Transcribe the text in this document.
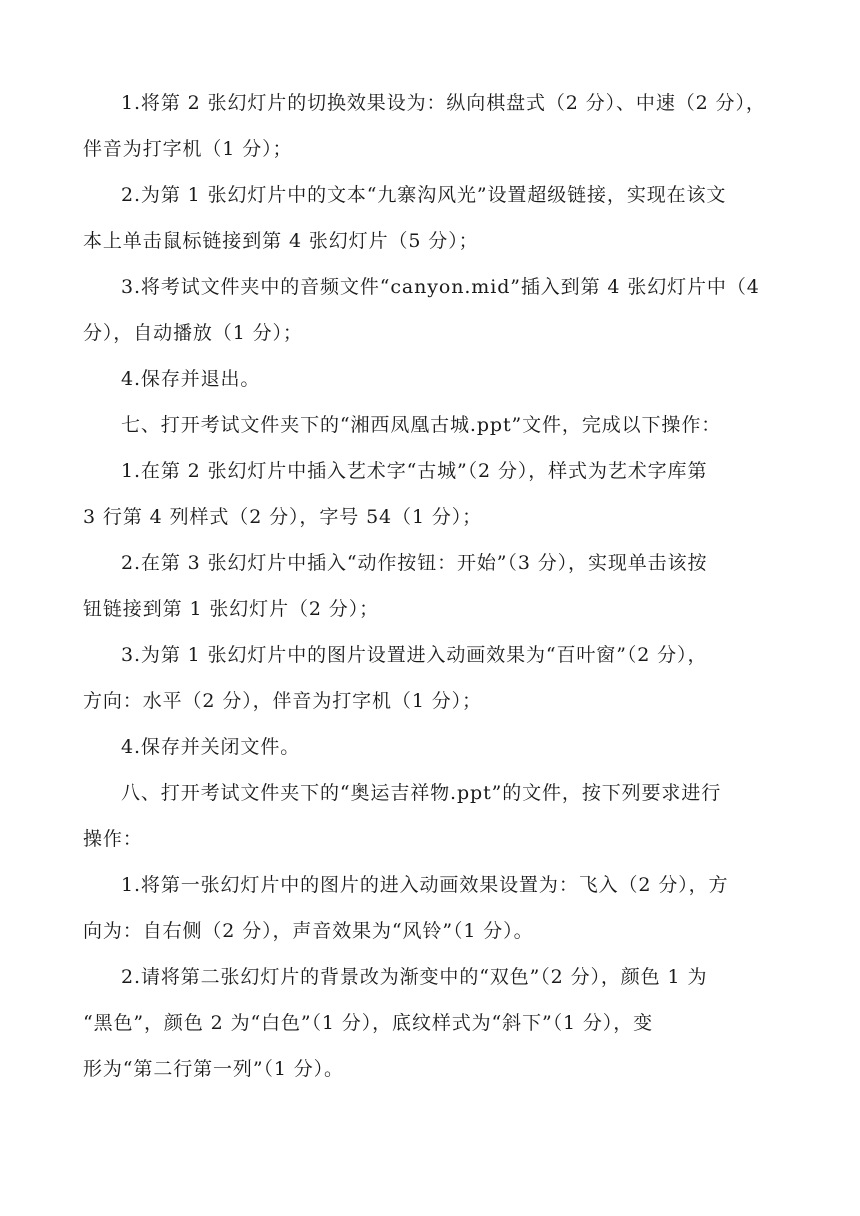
1.将第 2 张幻灯片的切换效果设为：纵向棋盘式（2 分）、中速（2 分），
伴音为打字机（1 分）；

2.为第 1 张幻灯片中的文本“九寨沟风光”设置超级链接，实现在该文
本上单击鼠标链接到第 4 张幻灯片（5 分）；

3.将考试文件夹中的音频文件“canyon.mid”插入到第 4 张幻灯片中（4
分），自动播放（1 分）；

4.保存并退出。

七、打开考试文件夹下的“湘西凤凰古城.ppt”文件，完成以下操作：

1.在第 2 张幻灯片中插入艺术字“古城”（2 分），样式为艺术字库第
3 行第 4 列样式（2 分），字号 54（1 分）；

2.在第 3 张幻灯片中插入“动作按钮：开始”（3 分），实现单击该按
钮链接到第 1 张幻灯片（2 分）；

3.为第 1 张幻灯片中的图片设置进入动画效果为“百叶窗”（2 分），
方向：水平（2 分），伴音为打字机（1 分）；

4.保存并关闭文件。

八、打开考试文件夹下的“奥运吉祥物.ppt”的文件，按下列要求进行
操作：

1.将第一张幻灯片中的图片的进入动画效果设置为：飞入（2 分），方
向为：自右侧（2 分），声音效果为“风铃”（1 分）。

2.请将第二张幻灯片的背景改为渐变中的“双色”（2 分），颜色 1 为
“黑色”，颜色 2 为“白色”（1 分），底纹样式为“斜下”（1 分），变
形为“第二行第一列”（1 分）。
